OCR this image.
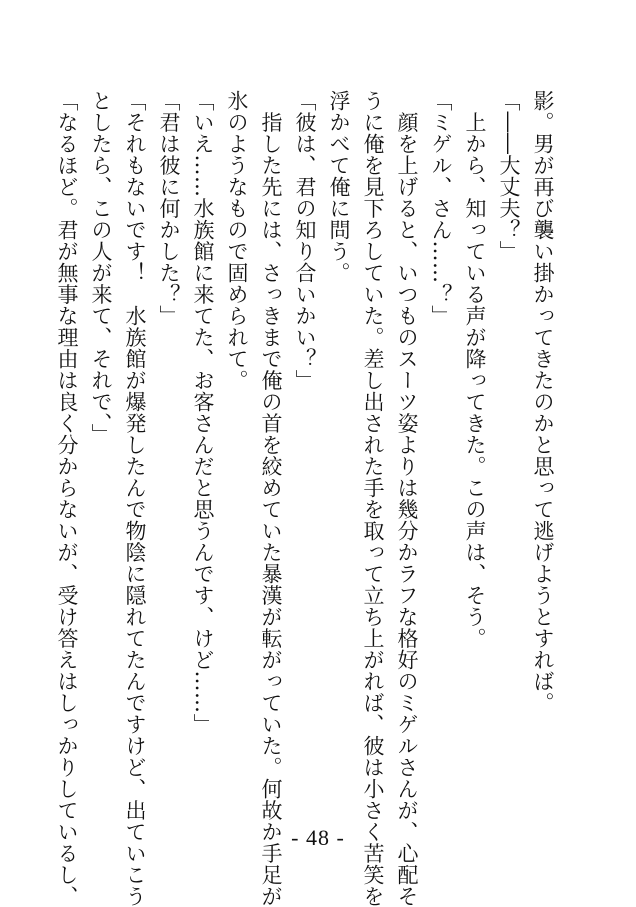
影。男が再び襲い掛かってきたのかと思って逃げようとすれば。
「――大丈夫？」
　上から、知っている声が降ってきた。この声は、そう。
「ミゲル、さん……？」
　顔を上げると、いつものスーツ姿よりは幾分かラフな格好のミゲルさんが、心配そ
うに俺を見下ろしていた。差し出された手を取って立ち上がれば、彼は小さく苦笑を
浮かべて俺に問う。
「彼は、君の知り合いかい？」
　指した先には、さっきまで俺の首を絞めていた暴漢が転がっていた。何故か手足が
氷のようなもので固められて。
「いえ……水族館に来てた、お客さんだと思うんです、けど……」
「君は彼に何かした？」
「それもないです！　水族館が爆発したんで物陰に隠れてたんですけど、出ていこう
としたら、この人が来て、それで、」
「なるほど。君が無事な理由は良く分からないが、受け答えはしっかりしているし、	- 48 -
